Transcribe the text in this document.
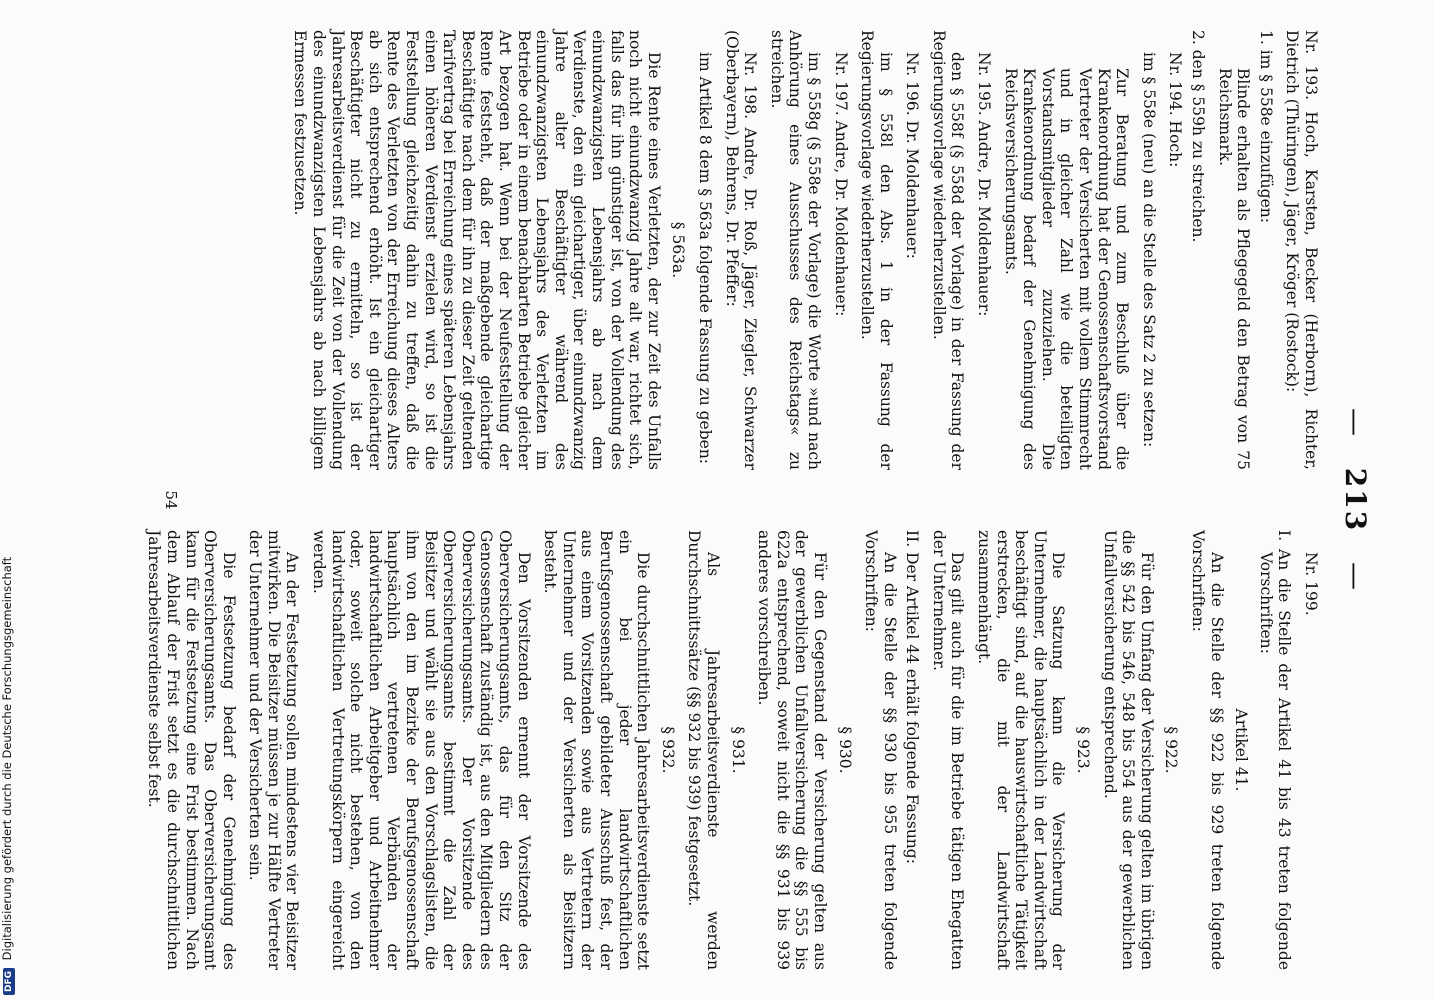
— 213 —

Nr. 193. Hoch, Karsten, Becker (Herborn), Richter, Dietrich (Thüringen), Jäger, Kröger (Rostock):

1. im § 558e einzufügen:

Blinde erhalten als Pflegegeld den Betrag von 75 Reichsmark.

2. den § 559h zu streichen.

Nr. 194. Hoch:

im § 558e (neu) an die Stelle des Satz 2 zu setzen:

Zur Beratung und zum Beschluß über die Krankenordnung hat der Genossenschaftsvorstand Vertreter der Versicherten mit vollem Stimmrecht und in gleicher Zahl wie die beteiligten Vorstandsmitglieder zuzuziehen. Die Krankenordnung bedarf der Genehmigung des Reichsversicherungsamts.

Nr. 195. Andre, Dr. Moldenhauer:

den § 558f (§ 558d der Vorlage) in der Fassung der Regierungsvorlage wiederherzustellen.

Nr. 196. Dr. Moldenhauer:

im § 558l den Abs. 1 in der Fassung der Regierungsvorlage wiederherzustellen.

Nr. 197. Andre, Dr. Moldenhauer:

im § 558g (§ 558e der Vorlage) die Worte »und nach Anhörung eines Ausschusses des Reichstags« zu streichen.

Nr. 198. Andre, Dr. Roß, Jäger, Ziegler, Schwarzer (Oberbayern), Behrens, Dr. Pfeffer:

im Artikel 8 dem § 563a folgende Fassung zu geben:

§ 563a.

Die Rente eines Verletzten, der zur Zeit des Unfalls noch nicht einundzwanzig Jahre alt war, richtet sich, falls das für ihn günstiger ist, von der Vollendung des einundzwanzigsten Lebensjahrs ab nach dem Verdienste, den ein gleichartiger, über einundzwanzig Jahre alter Beschäftigter während des einundzwanzigsten Lebensjahrs des Verletzten im Betriebe oder in einem benachbarten Betriebe gleicher Art bezogen hat. Wenn bei der Neufeststellung der Rente feststeht, daß der maßgebende gleichartige Beschäftigte nach dem für ihn zu dieser Zeit geltenden Tarifvertrag bei Erreichung eines späteren Lebensjahrs einen höheren Verdienst erzielen wird, so ist die Feststellung gleichzeitig dahin zu treffen, daß die Rente des Verletzten von der Erreichung dieses Alters ab sich entsprechend erhöht. Ist ein gleichartiger Beschäftigter nicht zu ermitteln, so ist der Jahresarbeitsverdienst für die Zeit von der Vollendung des einundzwanzigsten Lebensjahrs ab nach billigem Ermessen festzusetzen.

Nr. 199.

I. An die Stelle der Artikel 41 bis 43 treten folgende Vorschriften:

Artikel 41.

An die Stelle der §§ 922 bis 929 treten folgende Vorschriften:

§ 922.

Für den Umfang der Versicherung gelten im übrigen die §§ 542 bis 546, 548 bis 554 aus der gewerblichen Unfallversicherung entsprechend.

§ 923.

Die Satzung kann die Versicherung der Unternehmer, die hauptsächlich in der Landwirtschaft beschäftigt sind, auf die hauswirtschaftliche Tätigkeit erstrecken, die mit der Landwirtschaft zusammenhängt.

Das gilt auch für die im Betriebe tätigen Ehegatten der Unternehmer.

II. Der Artikel 44 erhält folgende Fassung:

An die Stelle der §§ 930 bis 955 treten folgende Vorschriften:

§ 930.

Für den Gegenstand der Versicherung gelten aus der gewerblichen Unfallversicherung die §§ 555 bis 622a entsprechend, soweit nicht die §§ 931 bis 939 anderes vorschreiben.

§ 931.

Als Jahresarbeitsverdienste werden Durchschnittssätze (§§ 932 bis 939) festgesetzt.

§ 932.

Die durchschnittlichen Jahresarbeitsverdienste setzt ein bei jeder landwirtschaftlichen Berufsgenossenschaft gebildeter Ausschuß fest, der aus einem Vorsitzenden sowie aus Vertretern der Unternehmer und der Versicherten als Beisitzern besteht.

Den Vorsitzenden ernennt der Vorsitzende des Oberversicherungsamts, das für den Sitz der Genossenschaft zuständig ist, aus den Mitgliedern des Oberversicherungsamts. Der Vorsitzende des Oberversicherungsamts bestimmt die Zahl der Beisitzer und wählt sie aus den Vorschlagslisten, die ihm von den im Bezirke der Berufsgenossenschaft hauptsächlich vertretenen Verbänden der landwirtschaftlichen Arbeitgeber und Arbeitnehmer oder, soweit solche nicht bestehen, von den landwirtschaftlichen Vertretungskörpern eingereicht werden.

An der Festsetzung sollen mindestens vier Beisitzer mitwirken. Die Beisitzer müssen je zur Hälfte Vertreter der Unternehmer und der Versicherten sein.

Die Festsetzung bedarf der Genehmigung des Oberversicherungsamts. Das Oberversicherungsamt kann für die Festsetzung eine Frist bestimmen. Nach dem Ablauf der Frist setzt es die durchschnittlichen Jahresarbeitsverdienste selbst fest.

54
DFG Digitalisierung gefördert durch die Deutsche Forschungsgemeinschaft
